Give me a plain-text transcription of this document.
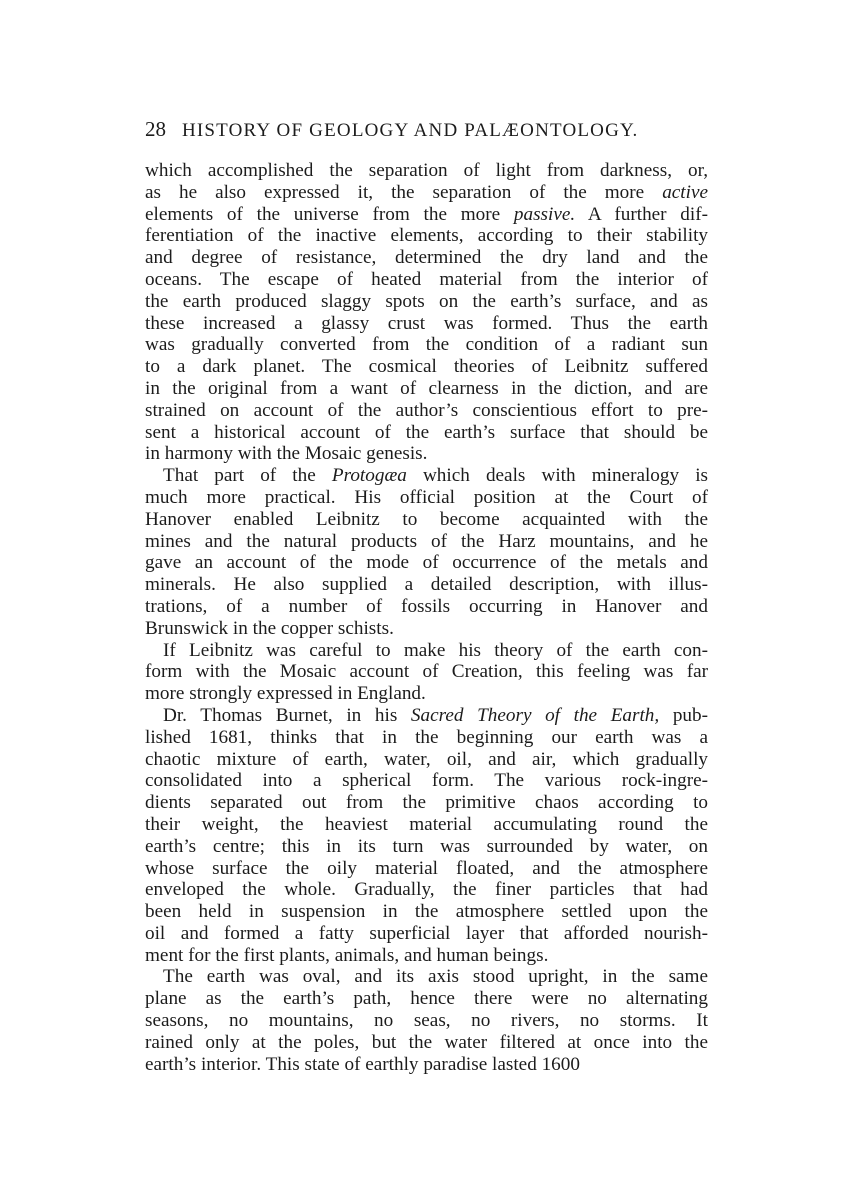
28 HISTORY OF GEOLOGY AND PALÆONTOLOGY.
which accomplished the separation of light from darkness, or,
as he also expressed it, the separation of the more active
elements of the universe from the more passive. A further dif-
ferentiation of the inactive elements, according to their stability
and degree of resistance, determined the dry land and the
oceans. The escape of heated material from the interior of
the earth produced slaggy spots on the earth’s surface, and as
these increased a glassy crust was formed. Thus the earth
was gradually converted from the condition of a radiant sun
to a dark planet. The cosmical theories of Leibnitz suffered
in the original from a want of clearness in the diction, and are
strained on account of the author’s conscientious effort to pre-
sent a historical account of the earth’s surface that should be
in harmony with the Mosaic genesis.
That part of the Protogæa which deals with mineralogy is
much more practical. His official position at the Court of
Hanover enabled Leibnitz to become acquainted with the
mines and the natural products of the Harz mountains, and he
gave an account of the mode of occurrence of the metals and
minerals. He also supplied a detailed description, with illus-
trations, of a number of fossils occurring in Hanover and
Brunswick in the copper schists.
If Leibnitz was careful to make his theory of the earth con-
form with the Mosaic account of Creation, this feeling was far
more strongly expressed in England.
Dr. Thomas Burnet, in his Sacred Theory of the Earth, pub-
lished 1681, thinks that in the beginning our earth was a
chaotic mixture of earth, water, oil, and air, which gradually
consolidated into a spherical form. The various rock-ingre-
dients separated out from the primitive chaos according to
their weight, the heaviest material accumulating round the
earth’s centre; this in its turn was surrounded by water, on
whose surface the oily material floated, and the atmosphere
enveloped the whole. Gradually, the finer particles that had
been held in suspension in the atmosphere settled upon the
oil and formed a fatty superficial layer that afforded nourish-
ment for the first plants, animals, and human beings.
The earth was oval, and its axis stood upright, in the same
plane as the earth’s path, hence there were no alternating
seasons, no mountains, no seas, no rivers, no storms. It
rained only at the poles, but the water filtered at once into the
earth’s interior. This state of earthly paradise lasted 1600
